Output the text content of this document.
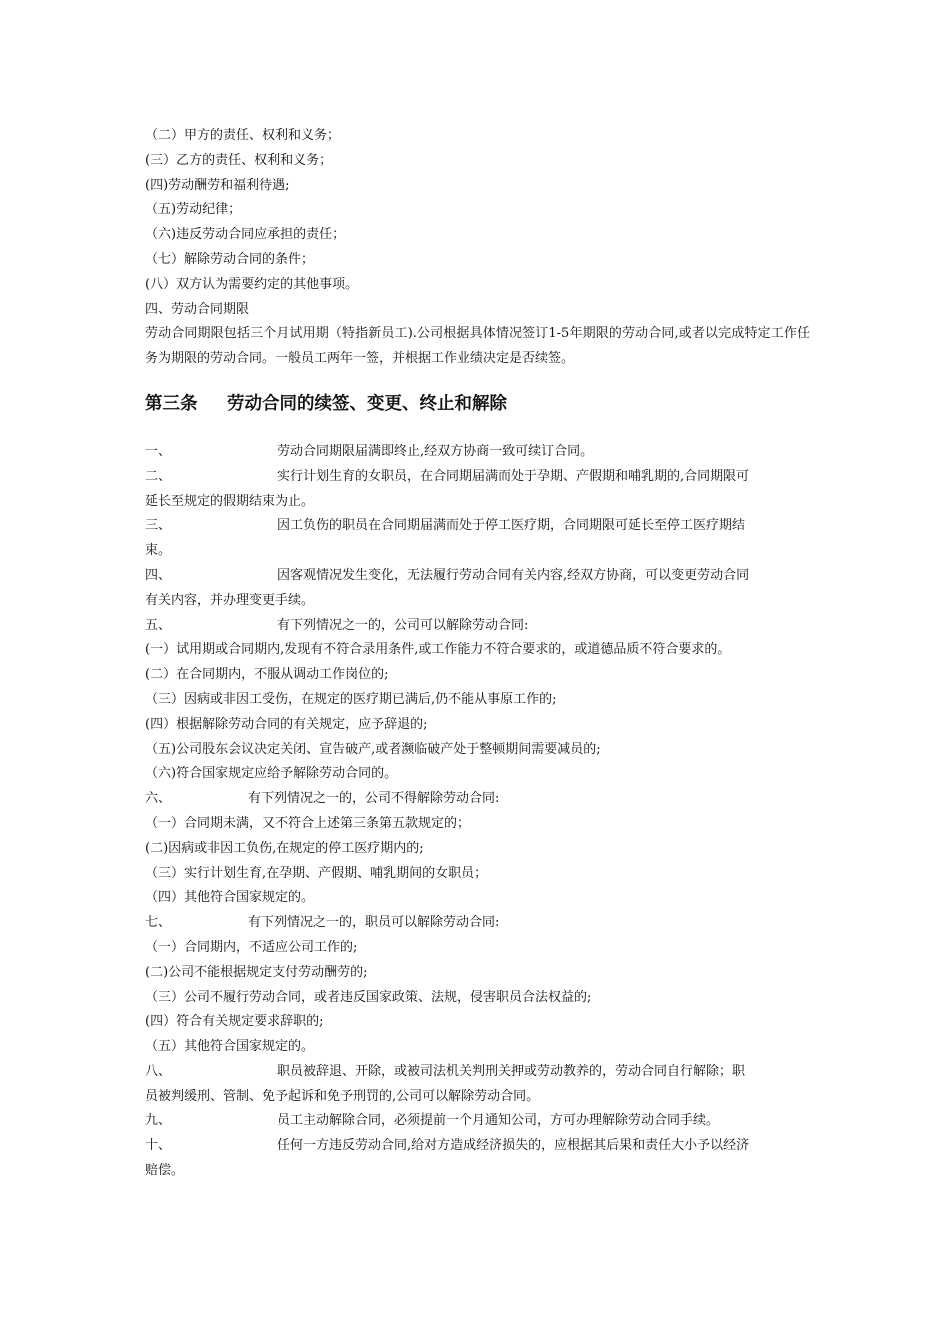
（二）甲方的责任、权利和义务；

(三）乙方的责任、权利和义务；

(四)劳动酬劳和福利待遇;

（五)劳动纪律；

（六)违反劳动合同应承担的责任；

（七）解除劳动合同的条件；

(八）双方认为需要约定的其他事项。

四、劳动合同期限

劳动合同期限包括三个月试用期（特指新员工).公司根据具体情况签订1-5年期限的劳动合同,或者以完成特定工作任务为期限的劳动合同。一般员工两年一签，并根据工作业绩决定是否续签。

第三条 劳动合同的续签、变更、终止和解除
一、	劳动合同期限届满即终止,经双方协商一致可续订合同。
二、	实行计划生育的女职员，在合同期届满而处于孕期、产假期和哺乳期的,合同期限可

延长至规定的假期结束为止。

三、	因工负伤的职员在合同期届满而处于停工医疗期，合同期限可延长至停工医疗期结

束。

四、	因客观情况发生变化，无法履行劳动合同有关内容,经双方协商，可以变更劳动合同

有关内容，并办理变更手续。

五、	有下列情况之一的，公司可以解除劳动合同:

(一）试用期或合同期内,发现有不符合录用条件,或工作能力不符合要求的，或道德品质不符合要求的。

(二）在合同期内，不服从调动工作岗位的;

（三）因病或非因工受伤，在规定的医疗期已满后,仍不能从事原工作的;

(四）根据解除劳动合同的有关规定，应予辞退的;

（五)公司股东会议决定关闭、宣告破产,或者濒临破产处于整顿期间需要减员的;

（六)符合国家规定应给予解除劳动合同的。

六、	有下列情况之一的，公司不得解除劳动合同:

（一）合同期未满，又不符合上述第三条第五款规定的；

(二)因病或非因工负伤,在规定的停工医疗期内的;

（三）实行计划生育,在孕期、产假期、哺乳期间的女职员；

（四）其他符合国家规定的。

七、	有下列情况之一的，职员可以解除劳动合同:

（一）合同期内，不适应公司工作的;

(二)公司不能根据规定支付劳动酬劳的;

（三）公司不履行劳动合同，或者违反国家政策、法规，侵害职员合法权益的;

(四）符合有关规定要求辞职的;

（五）其他符合国家规定的。

八、	职员被辞退、开除，或被司法机关判刑关押或劳动教养的，劳动合同自行解除；职

员被判缓刑、管制、免予起诉和免予刑罚的,公司可以解除劳动合同。

九、	员工主动解除合同，必须提前一个月通知公司，方可办理解除劳动合同手续。
十、	任何一方违反劳动合同,给对方造成经济损失的，应根据其后果和责任大小予以经济

赔偿。
